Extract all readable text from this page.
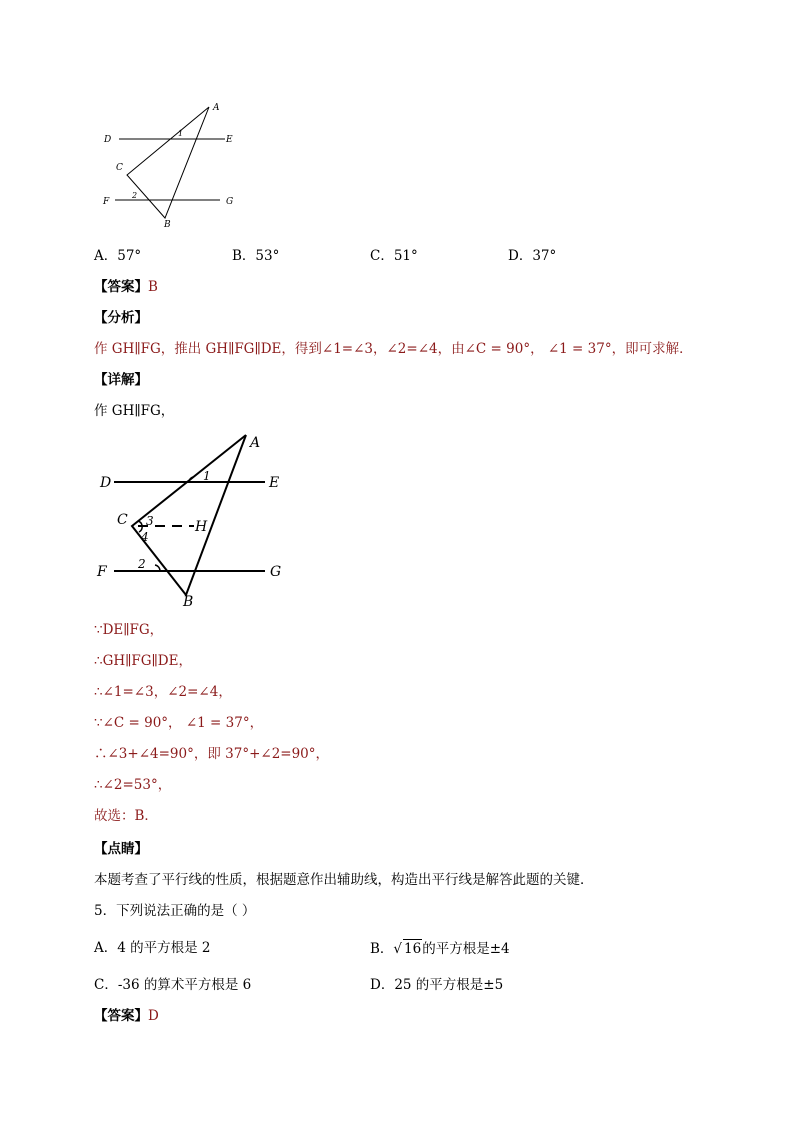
A
D	E
1
C
2
F	G
B
A．57°	B．53°	C．51°	D．37°
【答案】B
【分析】
作 GH∥FG，推出 GH∥FG∥DE，得到∠1=∠3，∠2=∠4，由∠C = 90°， ∠1 = 37°，即可求解．
【详解】
作 GH∥FG，
A
D	1	E
C 3
4
H
2
F	G
B
∵DE∥FG，
∴GH∥FG∥DE，
∴∠1=∠3，∠2=∠4，
∵∠C = 90°， ∠1 = 37°，
∴∠3+∠4=90°，即 37°+∠2=90°，
∴∠2=53°，
故选：B．
【点睛】
本题考查了平行线的性质，根据题意作出辅助线，构造出平行线是解答此题的关键．
5．下列说法正确的是（ ）
A．4 的平方根是 2	B．√ 16的平方根是±4
C．-36 的算术平方根是 6	D．25 的平方根是±5
【答案】D
